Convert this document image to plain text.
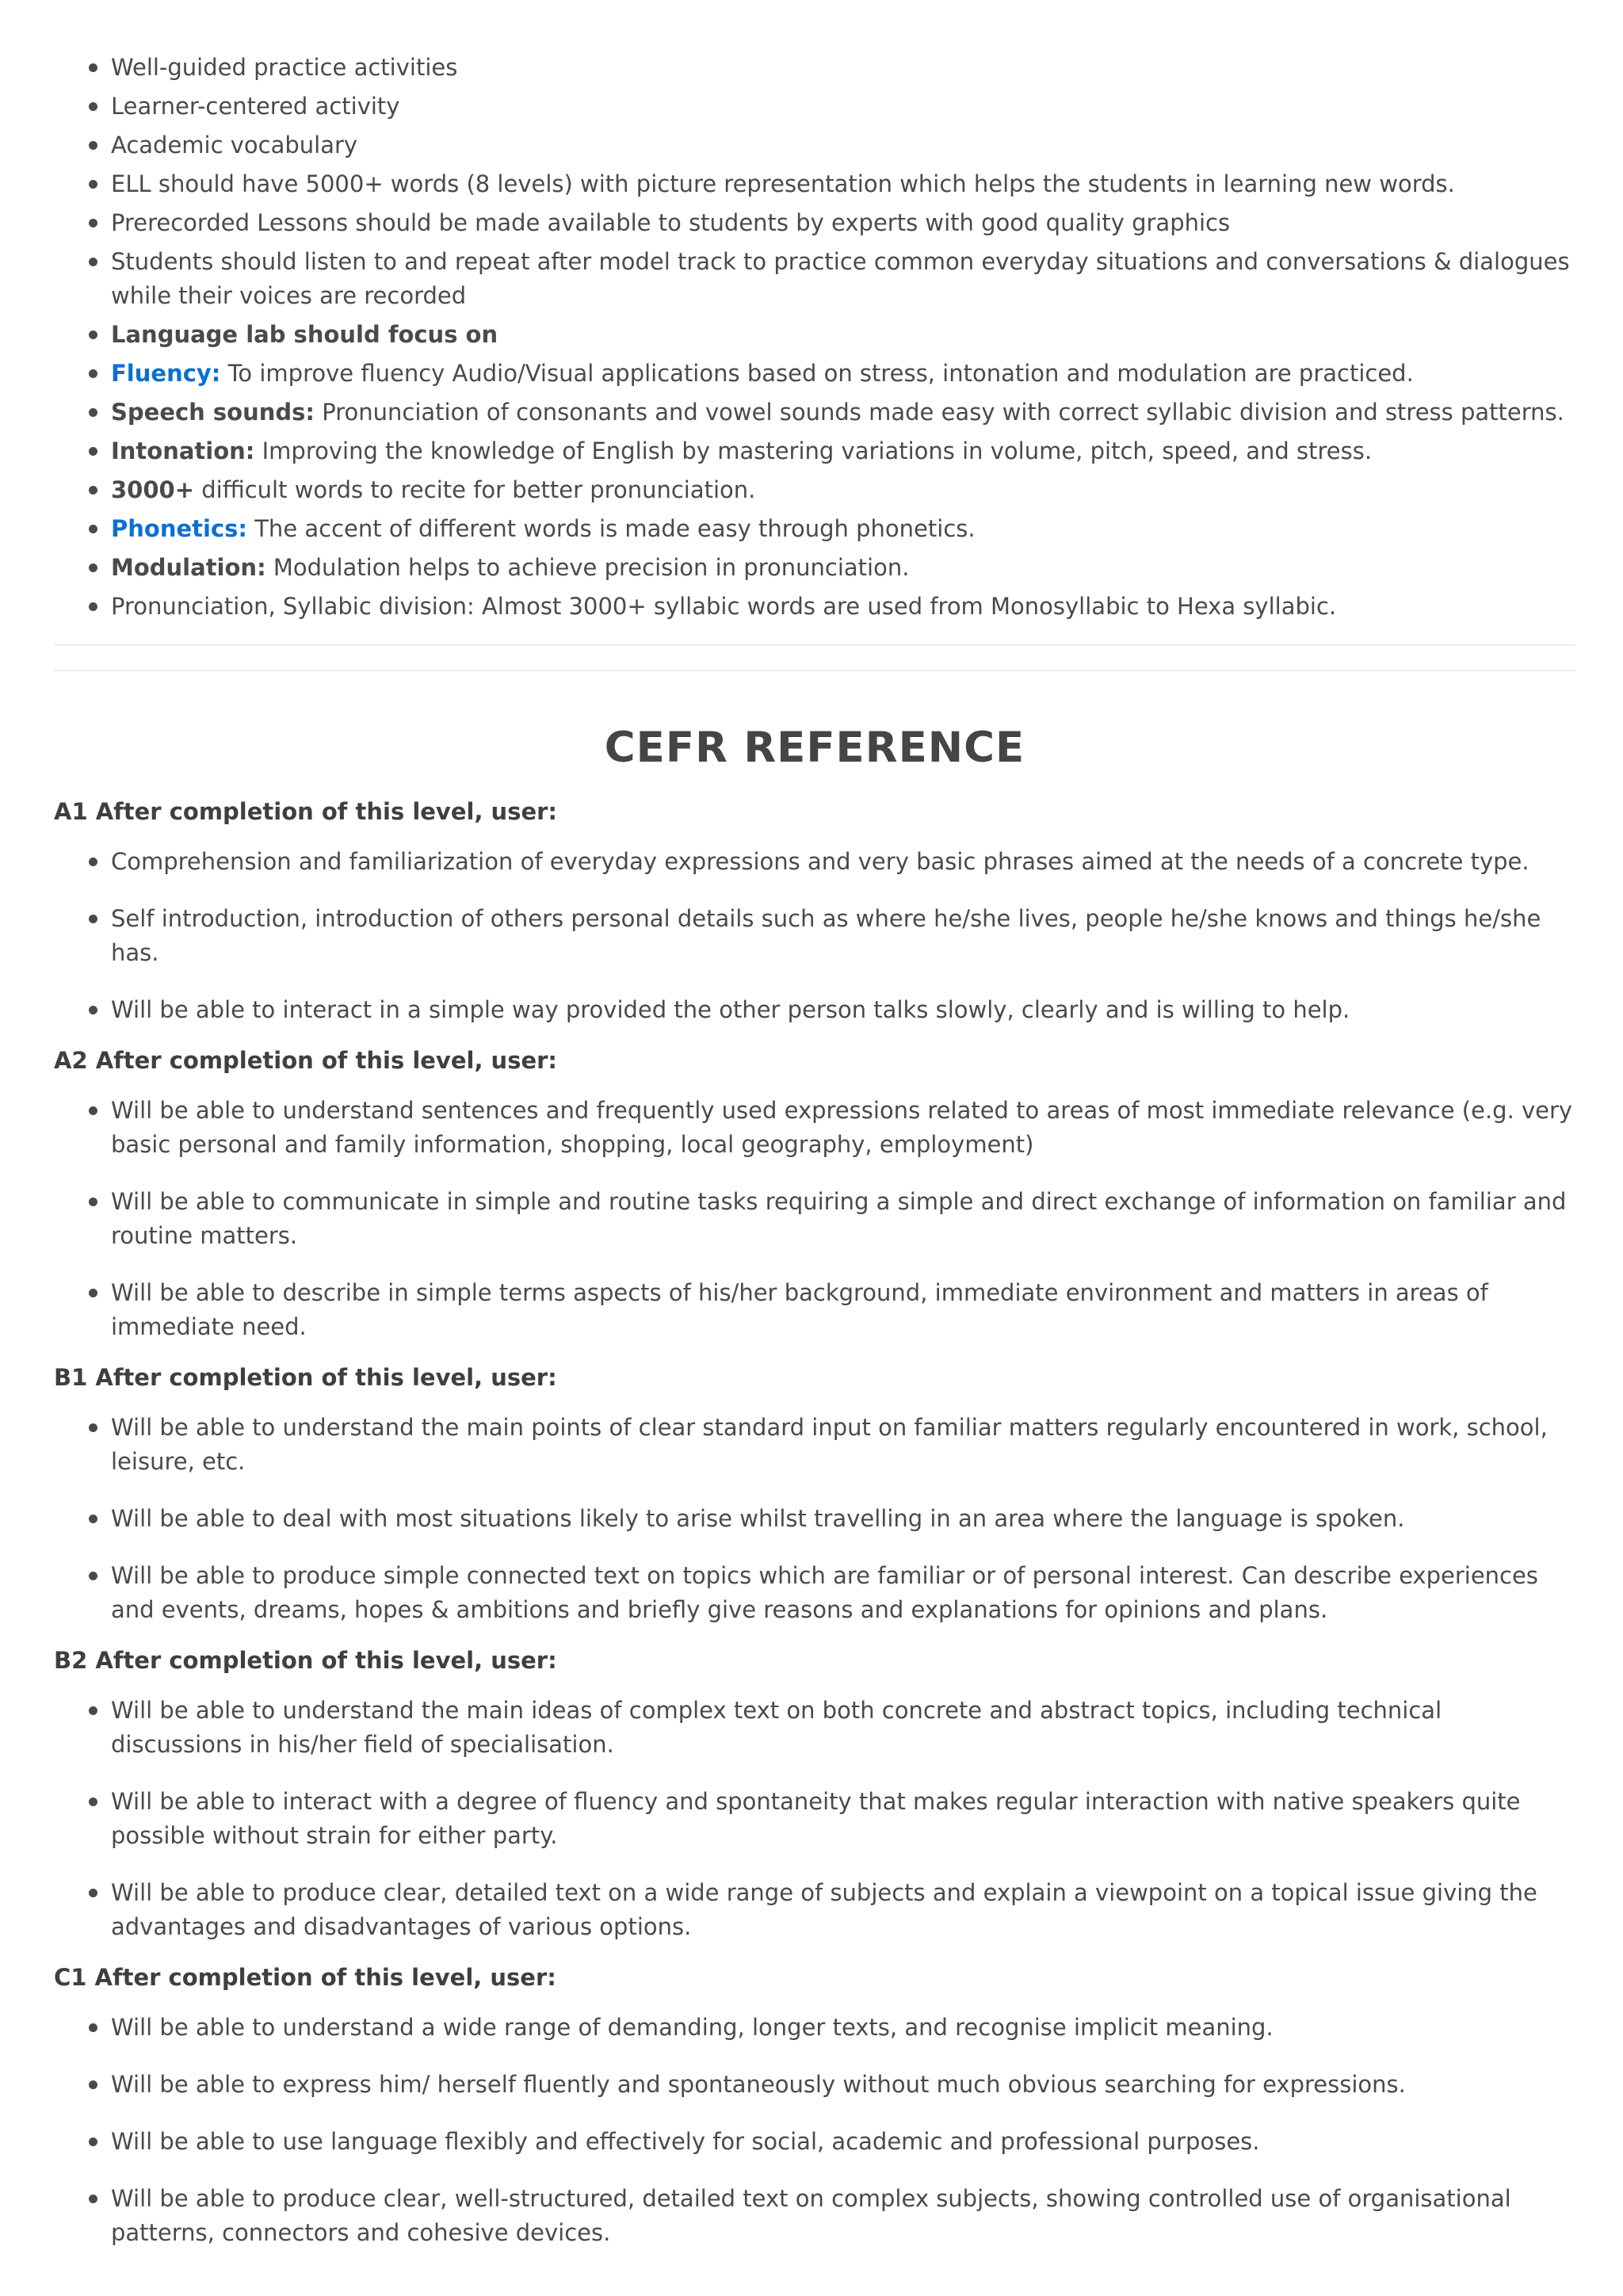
Well-guided practice activities
Learner-centered activity
Academic vocabulary
ELL should have 5000+ words (8 levels) with picture representation which helps the students in learning new words.
Prerecorded Lessons should be made available to students by experts with good quality graphics
Students should listen to and repeat after model track to practice common everyday situations and conversations & dialogues while their voices are recorded
Language lab should focus on
Fluency: To improve fluency Audio/Visual applications based on stress, intonation and modulation are practiced.
Speech sounds: Pronunciation of consonants and vowel sounds made easy with correct syllabic division and stress patterns.
Intonation: Improving the knowledge of English by mastering variations in volume, pitch, speed, and stress.
3000+ difficult words to recite for better pronunciation.
Phonetics: The accent of different words is made easy through phonetics.
Modulation: Modulation helps to achieve precision in pronunciation.
Pronunciation, Syllabic division: Almost 3000+ syllabic words are used from Monosyllabic to Hexa syllabic.
CEFR REFERENCE
A1 After completion of this level, user:
Comprehension and familiarization of everyday expressions and very basic phrases aimed at the needs of a concrete type.
Self introduction, introduction of others personal details such as where he/she lives, people he/she knows and things he/she has.
Will be able to interact in a simple way provided the other person talks slowly, clearly and is willing to help.
A2 After completion of this level, user:
Will be able to understand sentences and frequently used expressions related to areas of most immediate relevance (e.g. very basic personal and family information, shopping, local geography, employment)
Will be able to communicate in simple and routine tasks requiring a simple and direct exchange of information on familiar and routine matters.
Will be able to describe in simple terms aspects of his/her background, immediate environment and matters in areas of immediate need.
B1 After completion of this level, user:
Will be able to understand the main points of clear standard input on familiar matters regularly encountered in work, school, leisure, etc.
Will be able to deal with most situations likely to arise whilst travelling in an area where the language is spoken.
Will be able to produce simple connected text on topics which are familiar or of personal interest. Can describe experiences and events, dreams, hopes & ambitions and briefly give reasons and explanations for opinions and plans.
B2 After completion of this level, user:
Will be able to understand the main ideas of complex text on both concrete and abstract topics, including technical discussions in his/her field of specialisation.
Will be able to interact with a degree of fluency and spontaneity that makes regular interaction with native speakers quite possible without strain for either party.
Will be able to produce clear, detailed text on a wide range of subjects and explain a viewpoint on a topical issue giving the advantages and disadvantages of various options.
C1 After completion of this level, user:
Will be able to understand a wide range of demanding, longer texts, and recognise implicit meaning.
Will be able to express him/ herself fluently and spontaneously without much obvious searching for expressions.
Will be able to use language flexibly and effectively for social, academic and professional purposes.
Will be able to produce clear, well-structured, detailed text on complex subjects, showing controlled use of organisational patterns, connectors and cohesive devices.
